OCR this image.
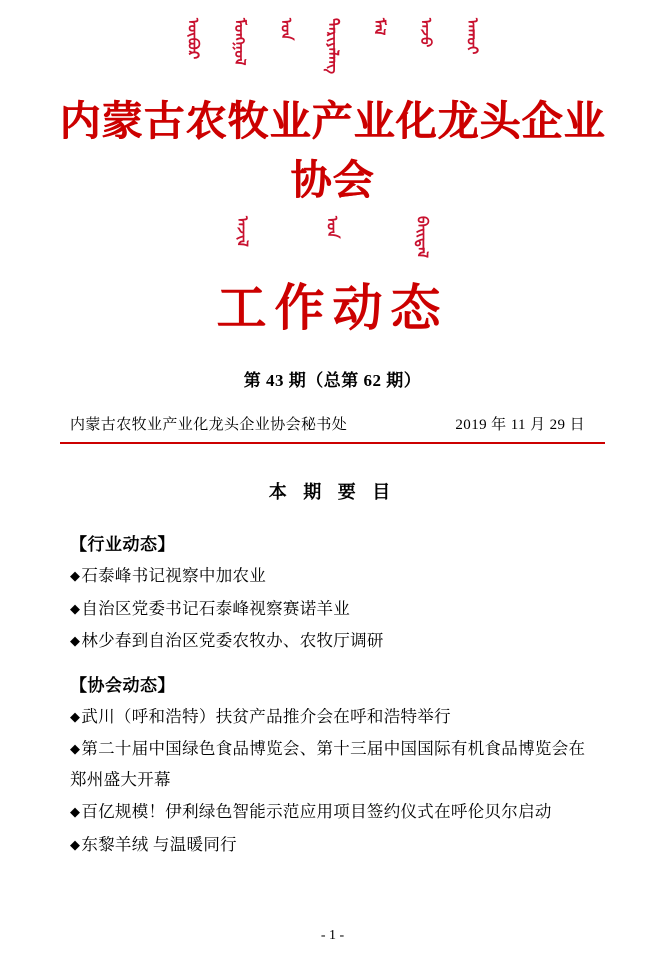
ᠦᠪᠦᠷ ᠮᠣᠩᠭᠣᠯ ᠤᠨ ᠲᠠᠷᠢᠶᠠᠯᠠᠩ ᠮᠠᠯ ᠠᠵᠤ ᠠᠬᠤᠢ
内蒙古农牧业产业化龙头企业协会
ᠠᠵᠢᠯ	ᠤᠨ	ᠪᠠᠢᠳᠠᠯ
工作动态
第 43 期（总第 62 期）
内蒙古农牧业产业化龙头企业协会秘书处	2019 年 11 月 29 日
本 期 要 目
【行业动态】
◆石泰峰书记视察中加农业
◆自治区党委书记石泰峰视察赛诺羊业
◆林少春到自治区党委农牧办、农牧厅调研
【协会动态】
◆武川（呼和浩特）扶贫产品推介会在呼和浩特举行
◆第二十届中国绿色食品博览会、第十三届中国国际有机食品博览会在郑州盛大开幕
◆百亿规模！伊利绿色智能示范应用项目签约仪式在呼伦贝尔启动
◆东黎羊绒 与温暖同行
- 1 -
